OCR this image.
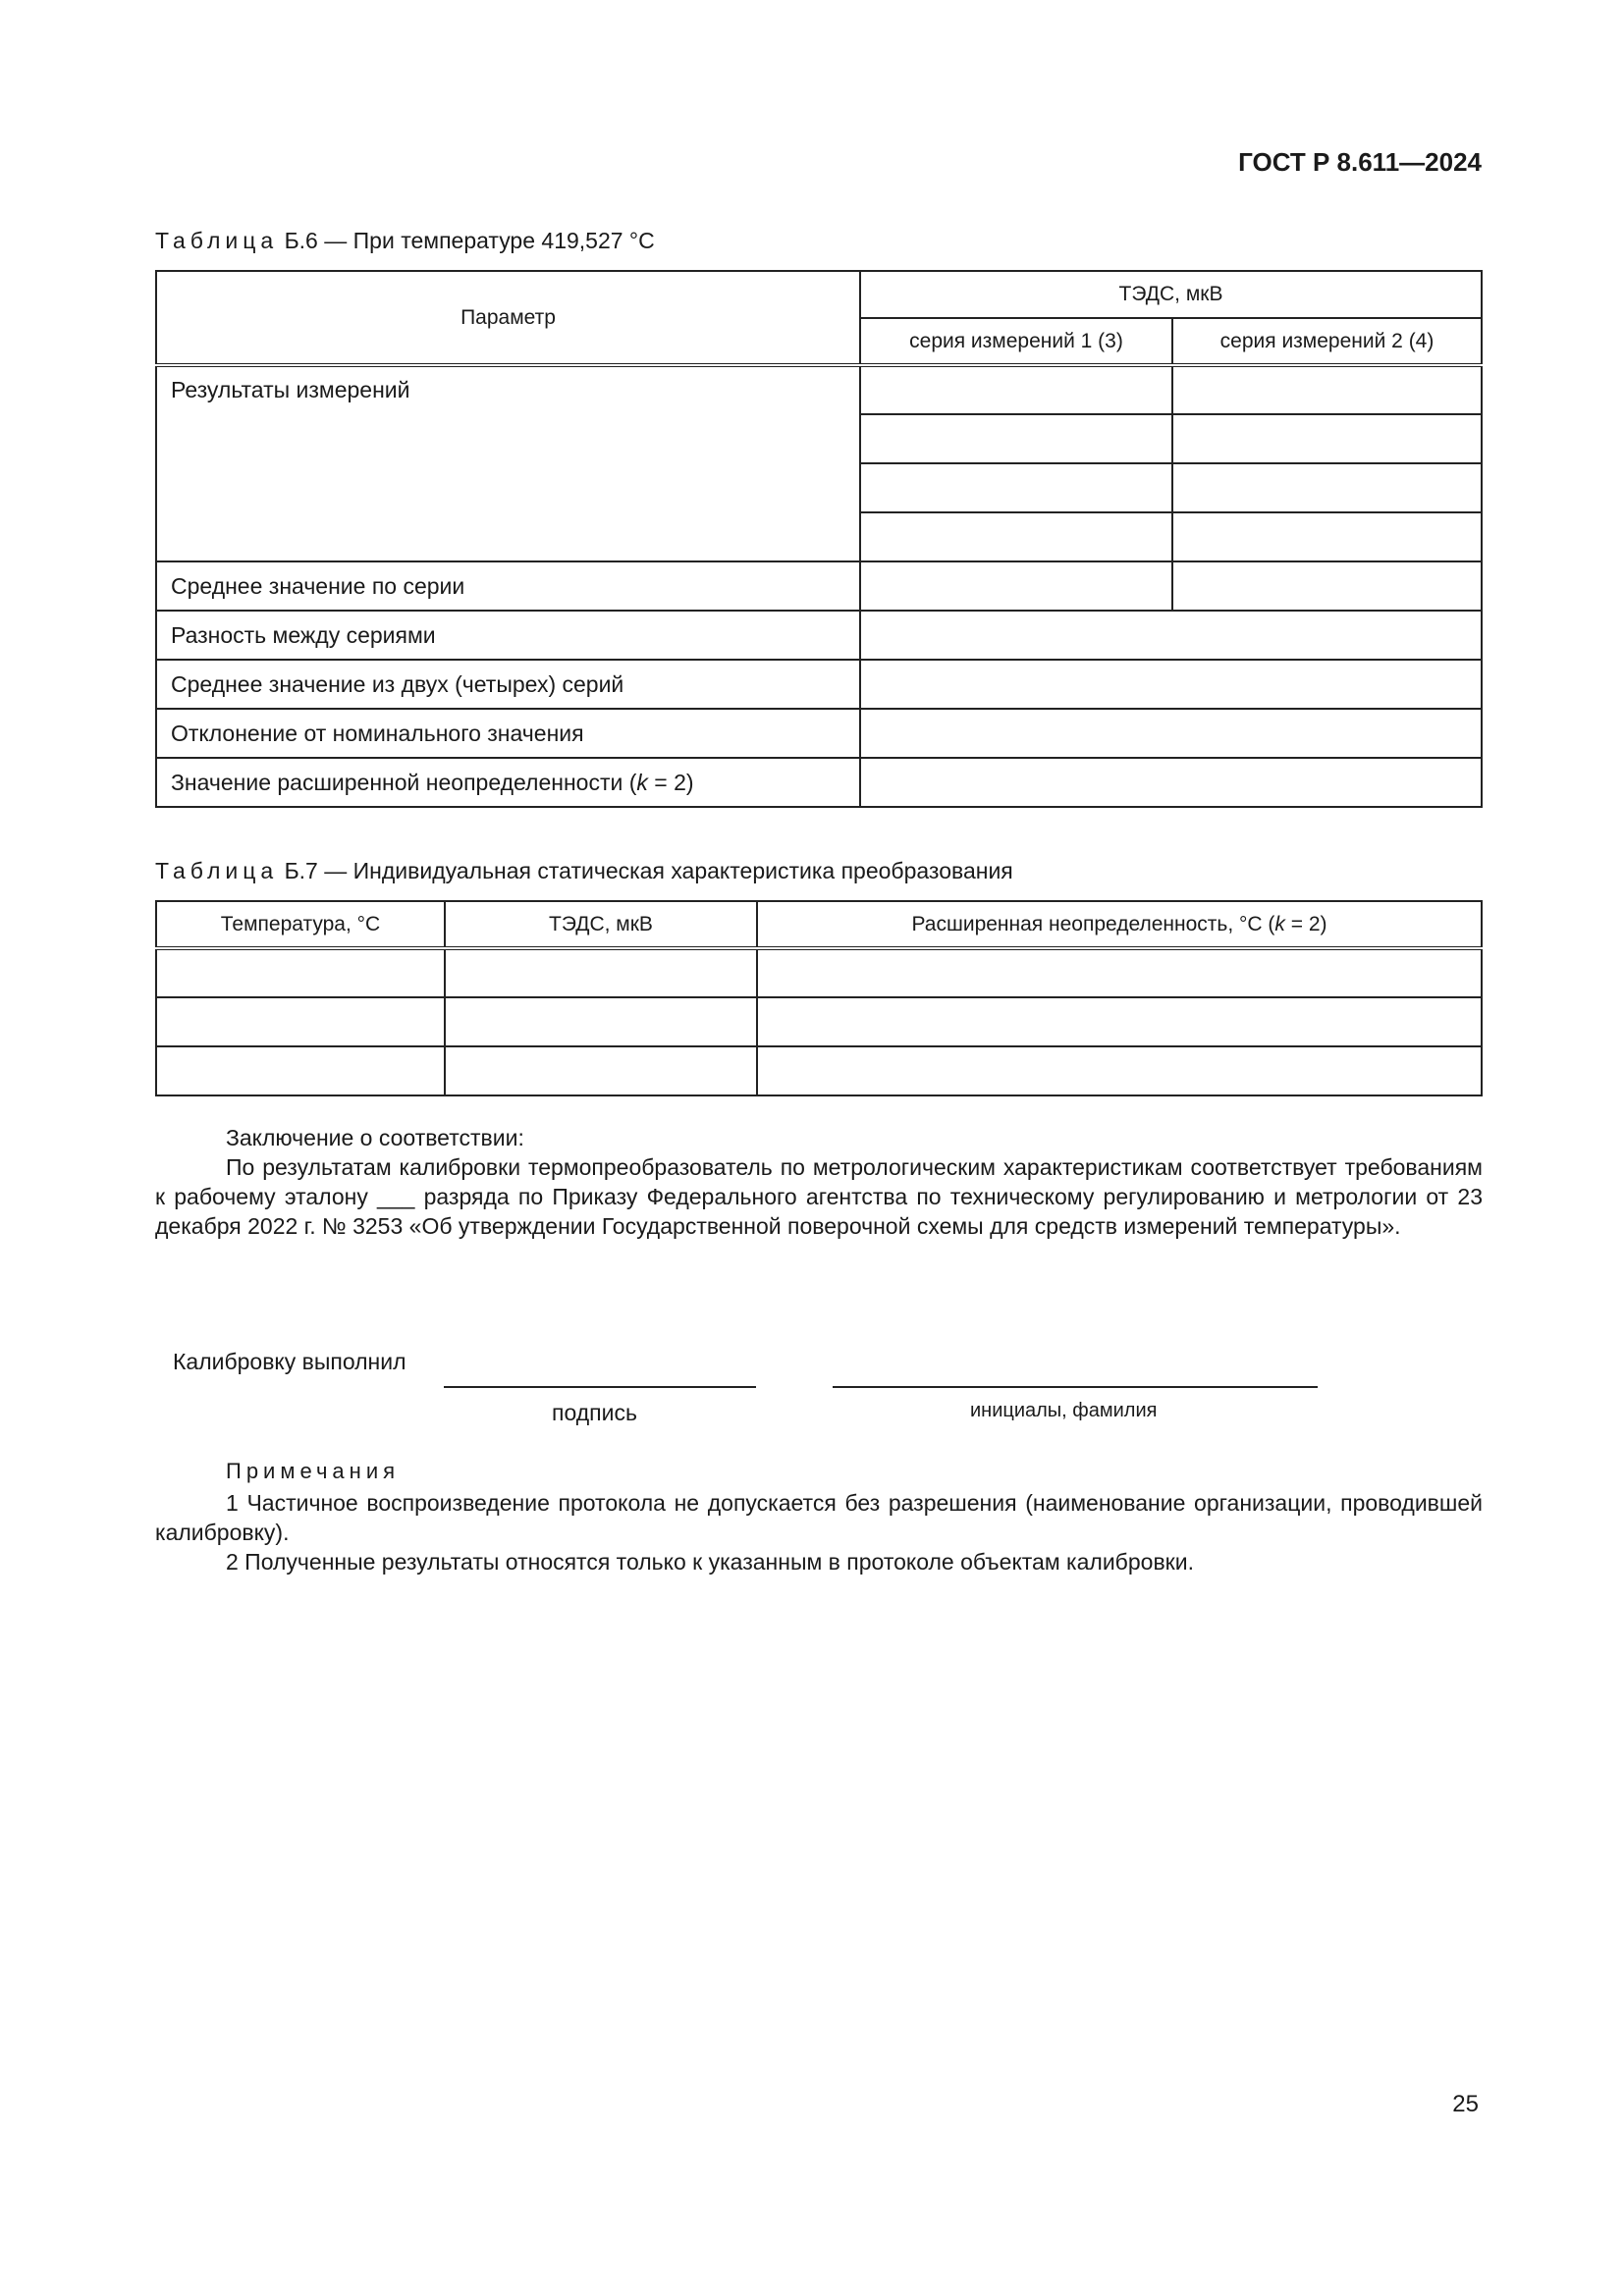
ГОСТ Р 8.611—2024
Таблица Б.6 — При температуре 419,527 °C
Параметр	ТЭДС, мкВ	
	серия измерений 1 (3)	серия измерений 2 (4)
Результаты измерений		

Среднее значение по серии		
Разность между сериями		
Среднее значение из двух (четырех) серий		
Отклонение от номинального значения		
Значение расширенной неопределенности (k = 2)		
Таблица Б.7 — Индивидуальная статическая характеристика преобразования
Температура, °C	ТЭДС, мкВ	Расширенная неопределенность, °C (k = 2)

Заключение о соответствии:
По результатам калибровки термопреобразователь по метрологическим характеристикам соответствует требованиям к рабочему эталону ___ разряда по Приказу Федерального агентства по техническому регулированию и метрологии от 23 декабря 2022 г. № 3253 «Об утверждении Государственной поверочной схемы для средств измерений температуры».
Калибровку выполнил
подпись	инициалы, фамилия
Примечания
1 Частичное воспроизведение протокола не допускается без разрешения (наименование организации, проводившей калибровку).
2 Полученные результаты относятся только к указанным в протоколе объектам калибровки.
25
